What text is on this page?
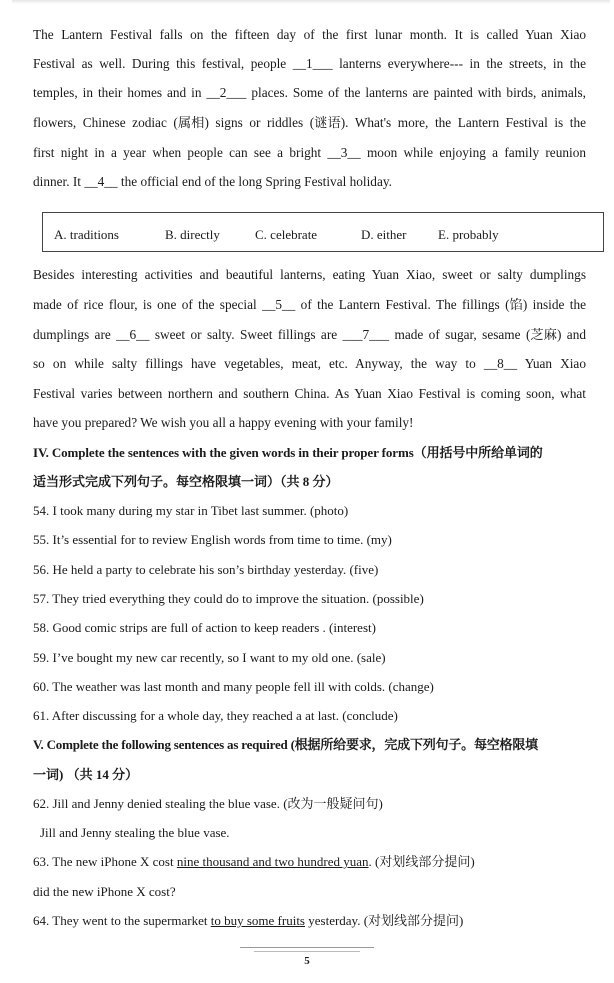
The Lantern Festival falls on the fifteen day of the first lunar month. It is called Yuan Xiao
Festival as well. During this festival, people __1___ lanterns everywhere--- in the streets, in the
temples, in their homes and in __2___ places. Some of the lanterns are painted with birds, animals,
flowers, Chinese zodiac (属相) signs or riddles (谜语). What's more, the Lantern Festival is the
first night in a year when people can see a bright __3__ moon while enjoying a family reunion
dinner. It __4__ the official end of the long Spring Festival holiday.
A. traditions	B. directly	C. celebrate	D. either E. probably
Besides interesting activities and beautiful lanterns, eating Yuan Xiao, sweet or salty dumplings
made of rice flour, is one of the special __5__ of the Lantern Festival. The fillings (馅) inside the
dumplings are __6__ sweet or salty. Sweet fillings are ___7___ made of sugar, sesame (芝麻) and
so on while salty fillings have vegetables, meat, etc. Anyway, the way to __8__ Yuan Xiao
Festival varies between northern and southern China. As Yuan Xiao Festival is coming soon, what
have you prepared? We wish you all a happy evening with your family!
IV. Complete the sentences with the given words in their proper forms（用括号中所给单词的
适当形式完成下列句子。每空格限填一词）（共 8 分）
54. I took many during my star in Tibet last summer. (photo)
55. It’s essential for to review English words from time to time. (my)
56. He held a party to celebrate his son’s birthday yesterday. (five)
57. They tried everything they could do to improve the situation. (possible)
58. Good comic strips are full of action to keep readers . (interest)
59. I’ve bought my new car recently, so I want to my old one. (sale)
60. The weather was last month and many people fell ill with colds. (change)
61. After discussing for a whole day, they reached a at last. (conclude)
V. Complete the following sentences as required (根据所给要求，完成下列句子。每空格限填
一词) （共 14 分）
62. Jill and Jenny denied stealing the blue vase. (改为一般疑问句)
Jill and Jenny stealing the blue vase.
63. The new iPhone X cost nine thousand and two hundred yuan. (对划线部分提问)
did the new iPhone X cost?
64. They went to the supermarket to buy some fruits yesterday. (对划线部分提问)
5
